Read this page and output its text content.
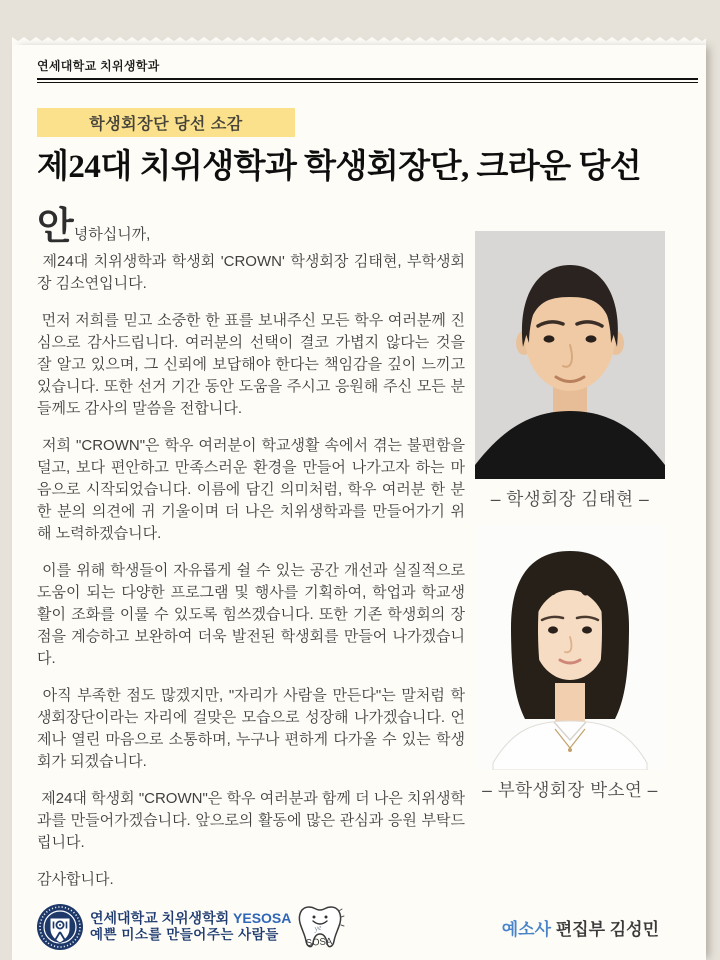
연세대학교 치위생학과
학생회장단 당선 소감
제24대 치위생학과 학생회장단, 크라운 당선
안 녕하십니까,

제24대 치위생학과 학생회 'CROWN' 학생회장 김태현, 부학생회장 김소연입니다.

먼저 저희를 믿고 소중한 한 표를 보내주신 모든 학우 여러분께 진심으로 감사드립니다. 여러분의 선택이 결코 가볍지 않다는 것을 잘 알고 있으며, 그 신뢰에 보답해야 한다는 책임감을 깊이 느끼고 있습니다. 또한 선거 기간 동안 도움을 주시고 응원해 주신 모든 분들께도 감사의 말씀을 전합니다.

저희 "CROWN"은 학우 여러분이 학교생활 속에서 겪는 불편함을 덜고, 보다 편안하고 만족스러운 환경을 만들어 나가고자 하는 마음으로 시작되었습니다. 이름에 담긴 의미처럼, 학우 여러분 한 분 한 분의 의견에 귀 기울이며 더 나은 치위생학과를 만들어가기 위해 노력하겠습니다.

이를 위해 학생들이 자유롭게 쉴 수 있는 공간 개선과 실질적으로 도움이 되는 다양한 프로그램 및 행사를 기획하여, 학업과 학교생활이 조화를 이룰 수 있도록 힘쓰겠습니다. 또한 기존 학생회의 장점을 계승하고 보완하여 더욱 발전된 학생회를 만들어 나가겠습니다.

아직 부족한 점도 많겠지만, "자리가 사람을 만든다"는 말처럼 학생회장단이라는 자리에 걸맞은 모습으로 성장해 나가겠습니다. 언제나 열린 마음으로 소통하며, 누구나 편하게 다가올 수 있는 학생회가 되겠습니다.

제24대 학생회 "CROWN"은 학우 여러분과 함께 더 나은 치위생학과를 만들어가겠습니다. 앞으로의 활동에 많은 관심과 응원 부탁드립니다.

감사합니다.

– 학생회장 김태현 –
– 부학생회장 박소연 –
연세대학교 치위생학회 YESOSA
예쁜 미소를 만들어주는 사람들	ye
SOSA

예소사 편집부 김성민
